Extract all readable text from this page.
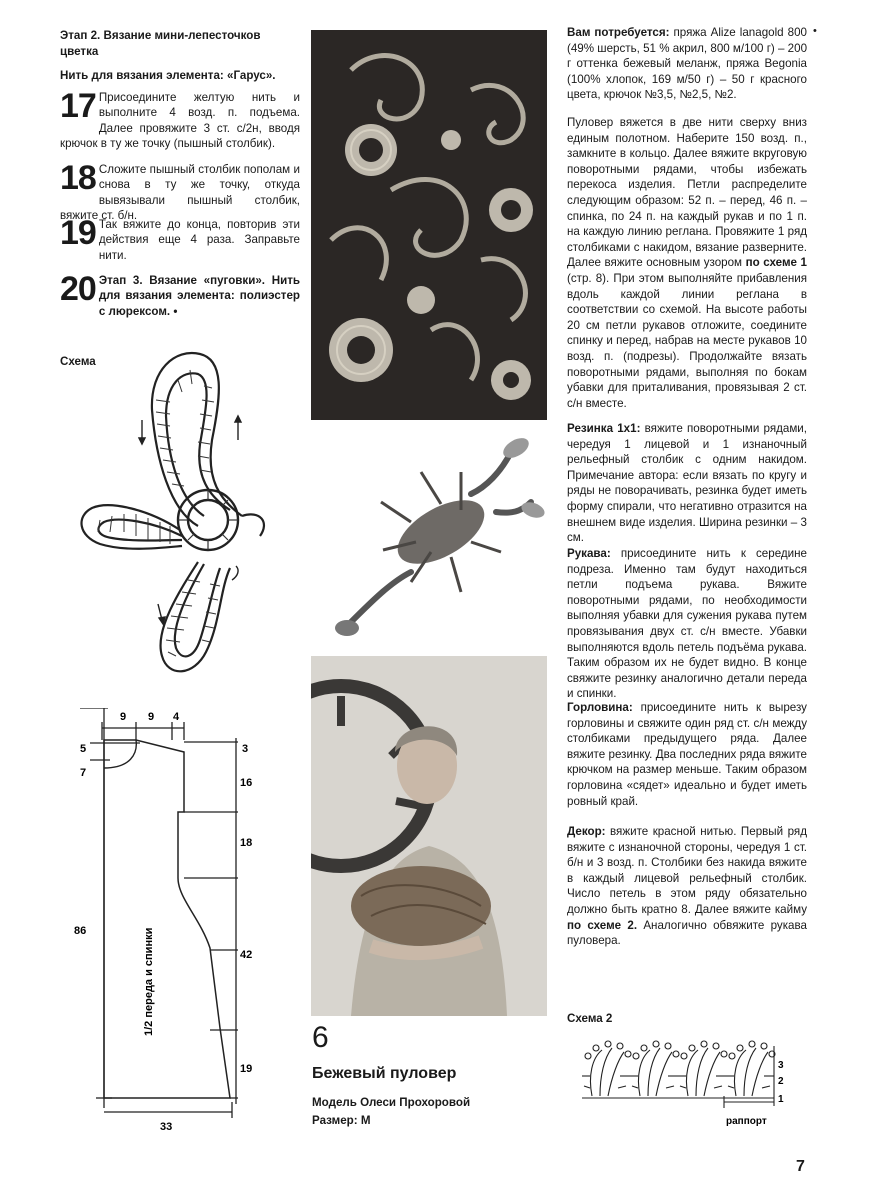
Этап 2. Вязание мини-лепесточков цветка
Нить для вязания элемента: «Гарус».
17 Присоедините желтую нить и выполните 4 возд. п. подъема. Далее провяжите 3 ст. с/2н, вводя крючок в ту же точку (пышный столбик).

18 Сложите пышный столбик пополам и снова в ту же точку, откуда вывязывали пышный столбик, вяжите ст. б/н.

19 Так вяжите до конца, повторив эти действия еще 4 раза. Заправьте нити.

20 Этап 3. Вязание «пуговки». Нить для вязания элемента: полиэстер с люрексом. •

Схема
9 9 4
5
7
86
3
16
18
42
19
33
1/2 переда и спинки
6
Бежевый пуловер
Модель Олеси Прохоровой
Размер: М
Вам потребуется: пряжа Alize lanagold 800 (49% шерсть, 51 % акрил, 800 м/100 г) – 200 г оттенка бежевый меланж, пряжа Begonia (100% хлопок, 169 м/50 г) – 50 г красного цвета, крючок №3,5, №2,5, №2.
•
Пуловер вяжется в две нити сверху вниз единым полотном. Наберите 150 возд. п., замкните в кольцо. Далее вяжите вкруговую поворотными рядами, чтобы избежать перекоса изделия. Петли распределите следующим образом: 52 п. – перед, 46 п. – спинка, по 24 п. на каждый рукав и по 1 п. на каждую линию реглана. Провяжите 1 ряд столбиками с накидом, вязание разверните. Далее вяжите основным узором по схеме 1 (стр. 8). При этом выполняйте прибавления вдоль каждой линии реглана в соответствии со схемой. На высоте работы 20 см петли рукавов отложите, соедините спинку и перед, набрав на месте рукавов 10 возд. п. (подрезы). Продолжайте вязать поворотными рядами, выполняя по бокам убавки для приталивания, провязывая 2 ст. с/н вместе.
Резинка 1х1: вяжите поворотными рядами, чередуя 1 лицевой и 1 изнаночный рельефный столбик с одним накидом. Примечание автора: если вязать по кругу и ряды не поворачивать, резинка будет иметь форму спирали, что негативно отразится на внешнем виде изделия. Ширина резинки – 3 см.
Рукава: присоедините нить к середине подреза. Именно там будут находиться петли подъема рукава. Вяжите поворотными рядами, по необходимости выполняя убавки для сужения рукава путем провязывания двух ст. с/н вместе. Убавки выполняются вдоль петель подъёма рукава. Таким образом их не будет видно. В конце свяжите резинку аналогично детали переда и спинки.
Горловина: присоедините нить к вырезу горловины и свяжите один ряд ст. с/н между столбиками предыдущего ряда. Далее вяжите резинку. Два последних ряда вяжите крючком на размер меньше. Таким образом горловина «сядет» идеально и будет иметь ровный край.
Декор: вяжите красной нитью. Первый ряд вяжите с изнаночной стороны, чередуя 1 ст. б/н и 3 возд. п. Столбики без накида вяжите в каждый лицевой рельефный столбик. Число петель в этом ряду обязательно должно быть кратно 8. Далее вяжите кайму по схеме 2. Аналогично обвяжите рукава пуловера.
Схема 2
3
2
1
раппорт
7
